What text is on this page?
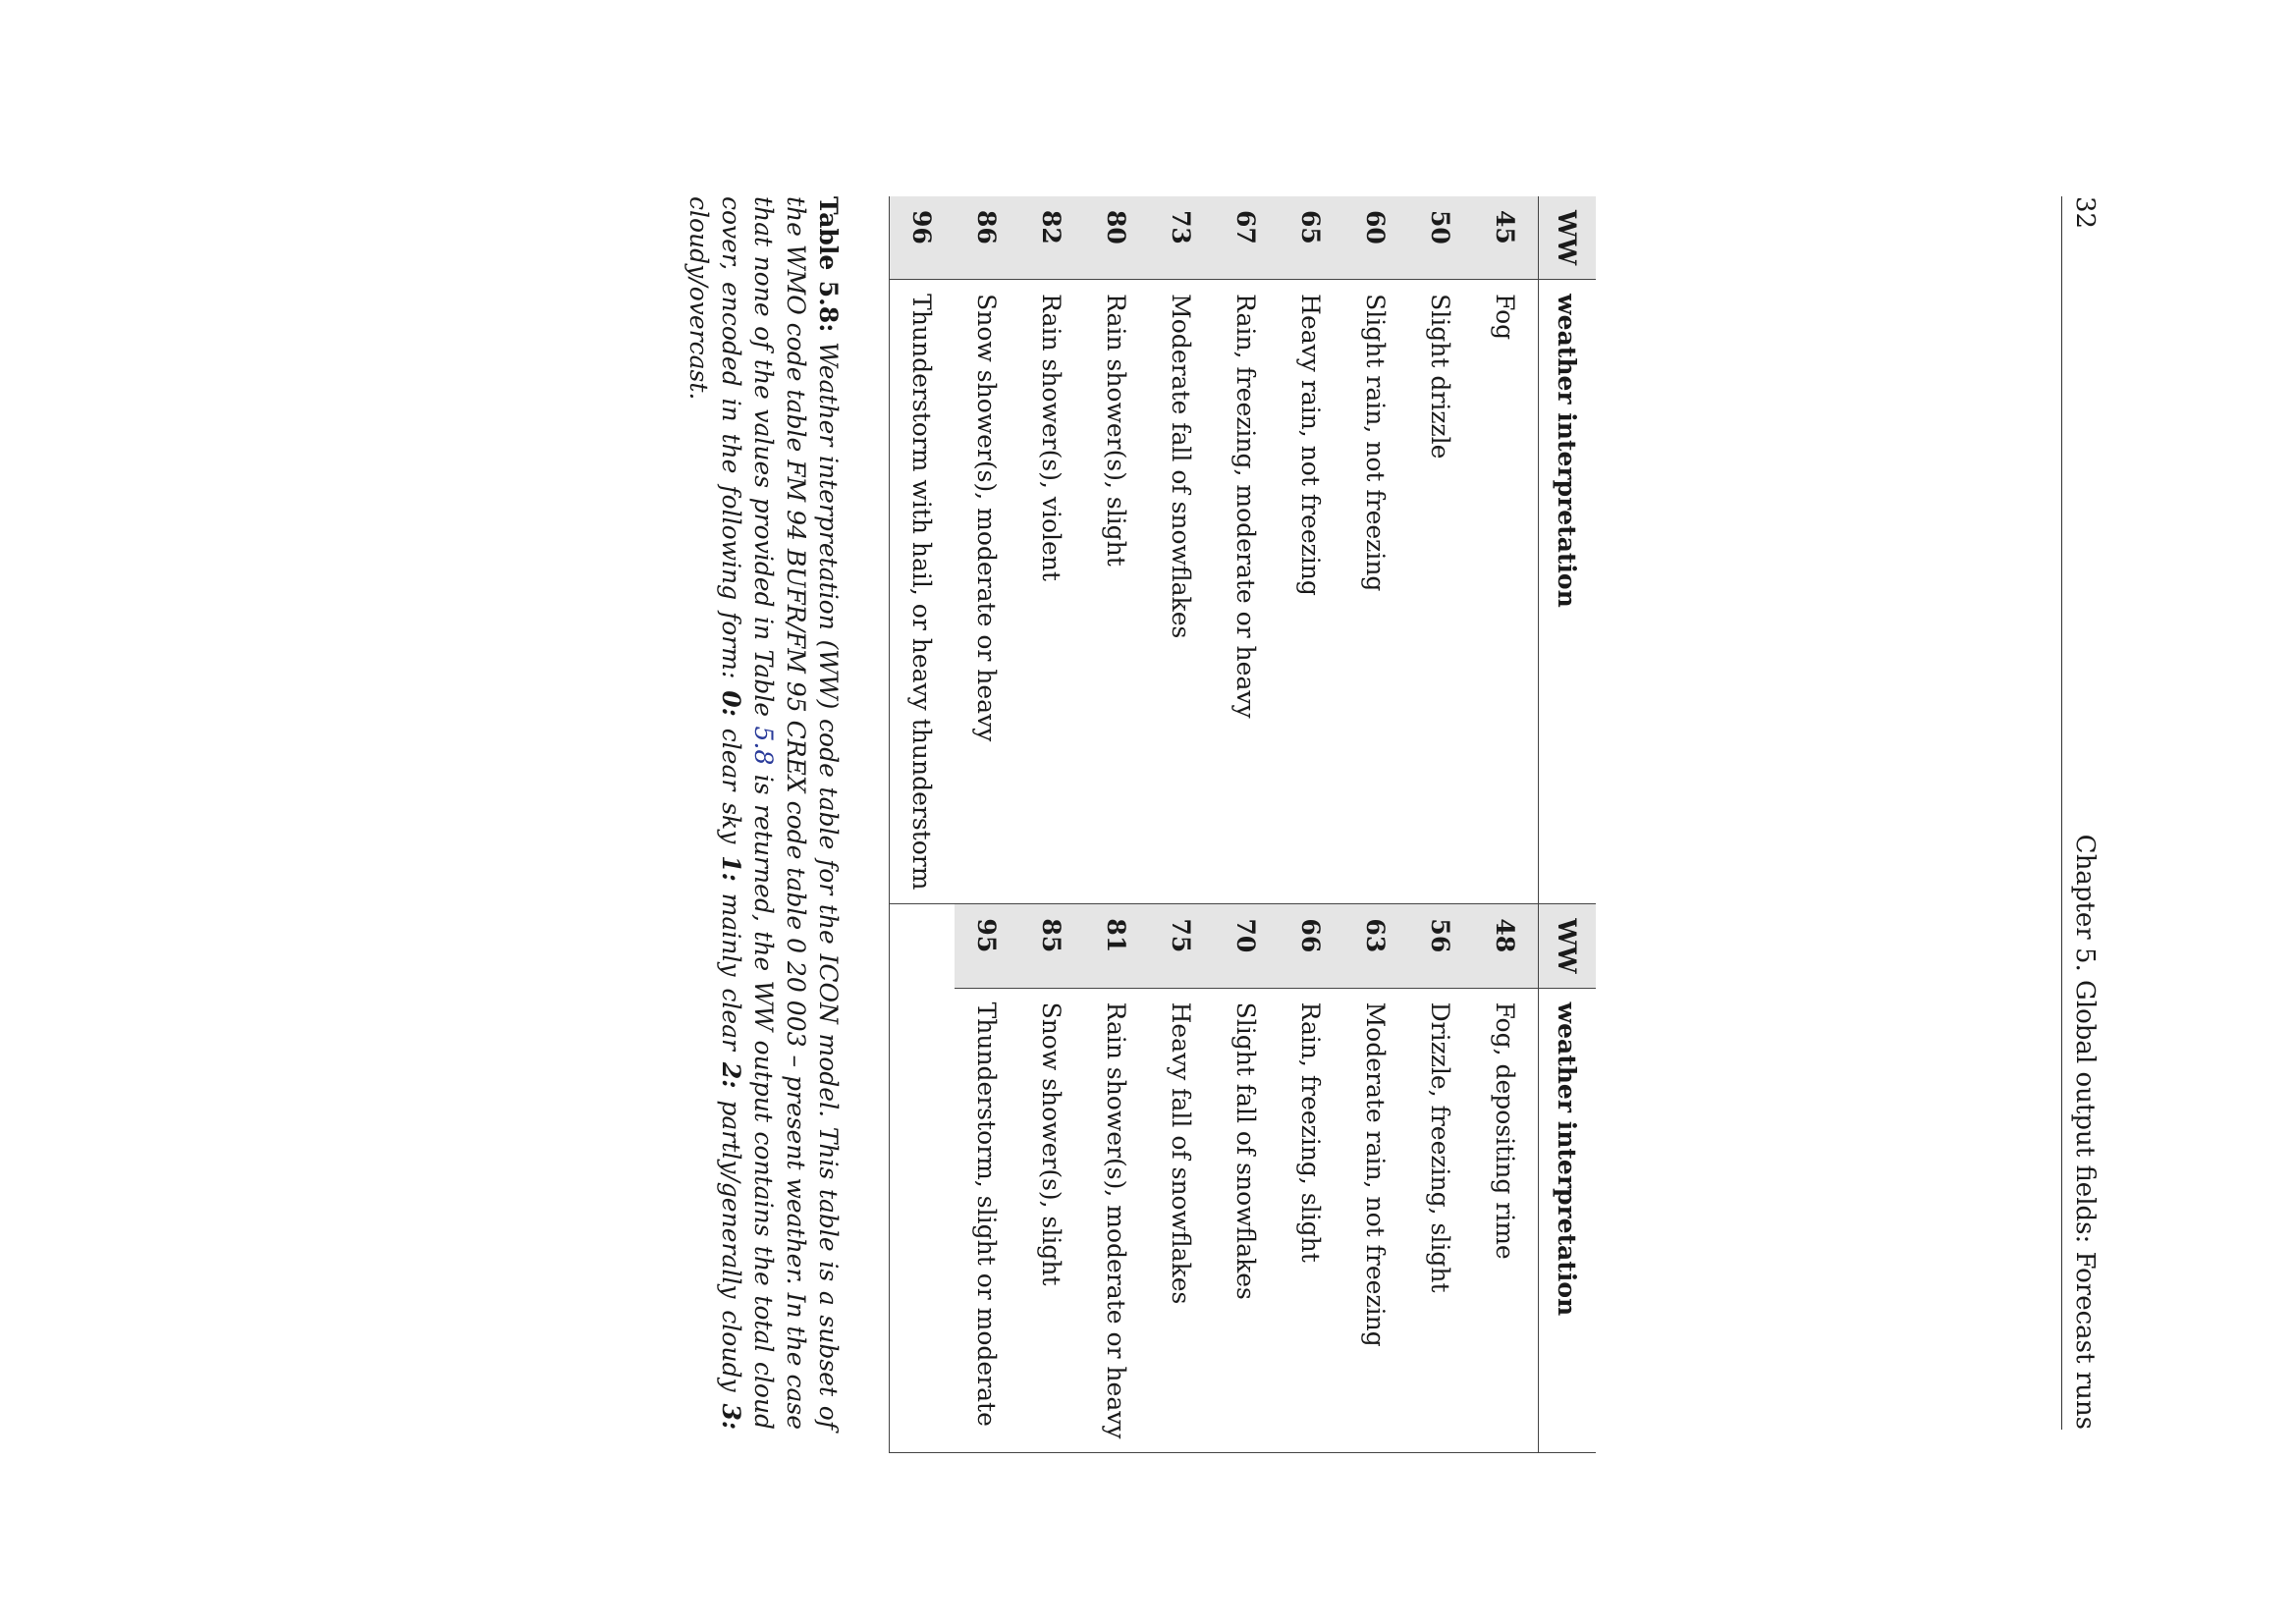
32
Chapter 5. Global output fields: Forecast runs
WW	weather interpretation	WW	weather interpretation
45	Fog	48	Fog, depositing rime
50	Slight drizzle	56	Drizzle, freezing, slight
60	Slight rain, not freezing	63	Moderate rain, not freezing
65	Heavy rain, not freezing	66	Rain, freezing, slight
67	Rain, freezing, moderate or heavy	70	Slight fall of snowflakes
73	Moderate fall of snowflakes	75	Heavy fall of snowflakes
80	Rain shower(s), slight	81	Rain shower(s), moderate or heavy
82	Rain shower(s), violent	85	Snow shower(s), slight
86	Snow shower(s), moderate or heavy	95	Thunderstorm, slight or moderate
96	Thunderstorm with hail, or heavy thunderstorm		

Table 5.8: Weather interpretation (WW) code table for the ICON model. This table is a subset of the WMO code table FM 94 BUFR/FM 95 CREX code table 0 20 003 – present weather. In the case that none of the values provided in Table 5.8 is returned, the WW output contains the total cloud cover, encoded in the following form: 0: clear sky 1: mainly clear 2: partly/generally cloudy 3: cloudy/overcast.
